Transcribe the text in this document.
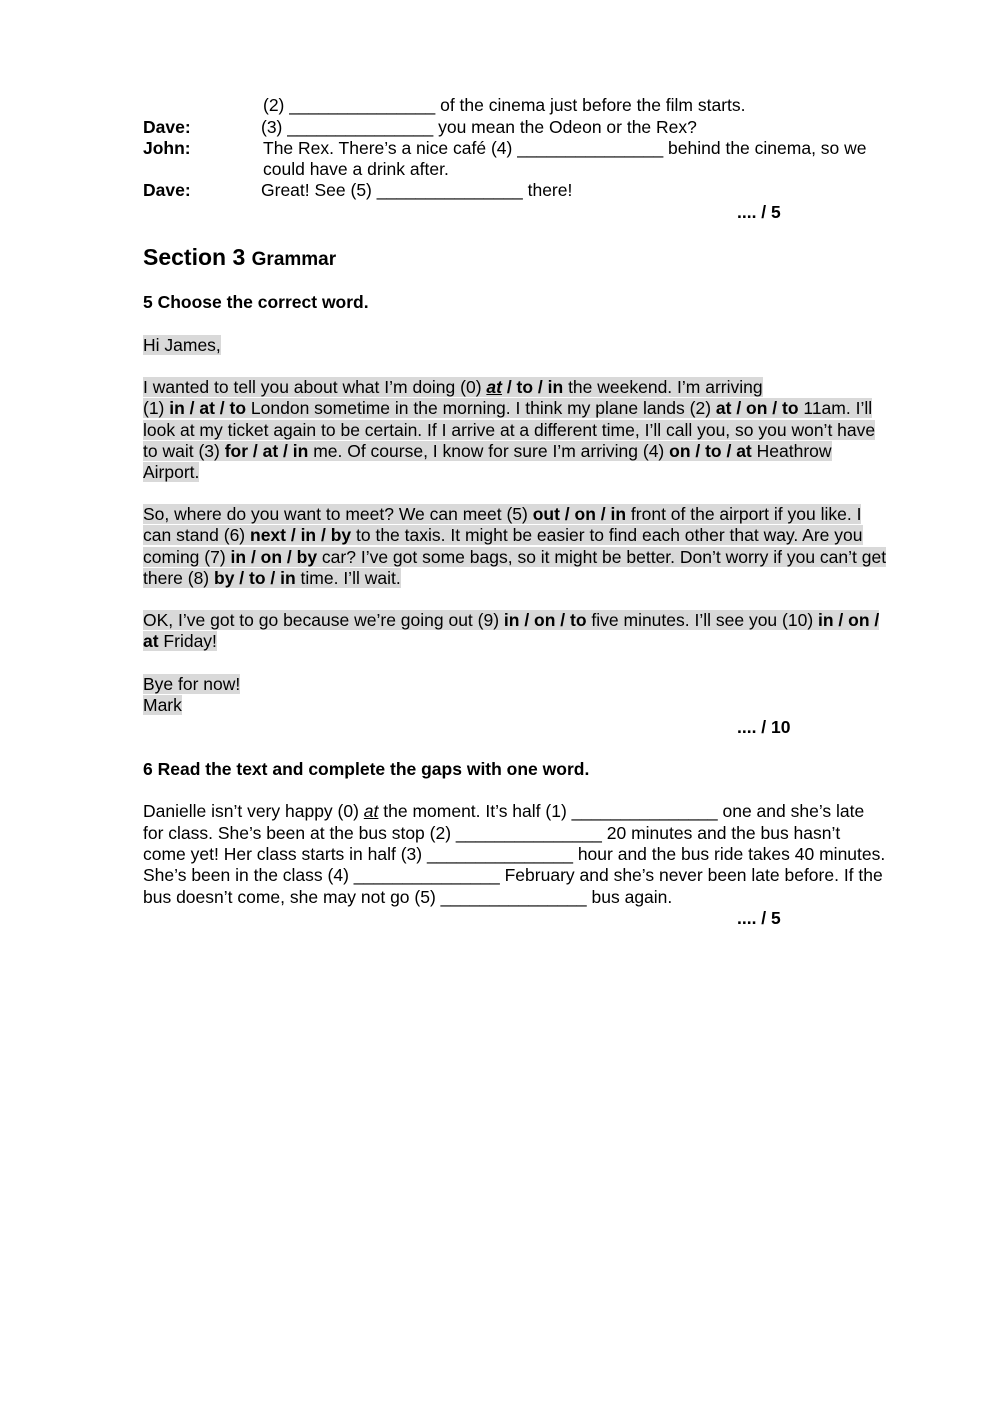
(2) _______________ of the cinema just before the film starts.
Dave:	(3) _______________ you mean the Odeon or the Rex?
John:	The Rex. There’s a nice café (4) _______________ behind the cinema, so we
could have a drink after.
Dave:	Great! See (5) _______________ there!
.... / 5
Section 3 Grammar
5 Choose the correct word.
Hi James,
I wanted to tell you about what I’m doing (0) at / to / in the weekend. I’m arriving
(1) in / at / to London sometime in the morning. I think my plane lands (2) at / on / to 11am. I’ll
look at my ticket again to be certain. If I arrive at a different time, I’ll call you, so you won’t have
to wait (3) for / at / in me. Of course, I know for sure I’m arriving (4) on / to / at Heathrow
Airport.
So, where do you want to meet? We can meet (5) out / on / in front of the airport if you like. I
can stand (6) next / in / by to the taxis. It might be easier to find each other that way. Are you
coming (7) in / on / by car? I’ve got some bags, so it might be better. Don’t worry if you can’t get
there (8) by / to / in time. I’ll wait.
OK, I’ve got to go because we’re going out (9) in / on / to five minutes. I’ll see you (10) in / on /
at Friday!
Bye for now!
Mark
.... / 10
6 Read the text and complete the gaps with one word.
Danielle isn’t very happy (0) at the moment. It’s half (1) _______________ one and she’s late
for class. She’s been at the bus stop (2) _______________ 20 minutes and the bus hasn’t
come yet! Her class starts in half (3) _______________ hour and the bus ride takes 40 minutes.
She’s been in the class (4) _______________ February and she’s never been late before. If the
bus doesn’t come, she may not go (5) _______________ bus again.
.... / 5
